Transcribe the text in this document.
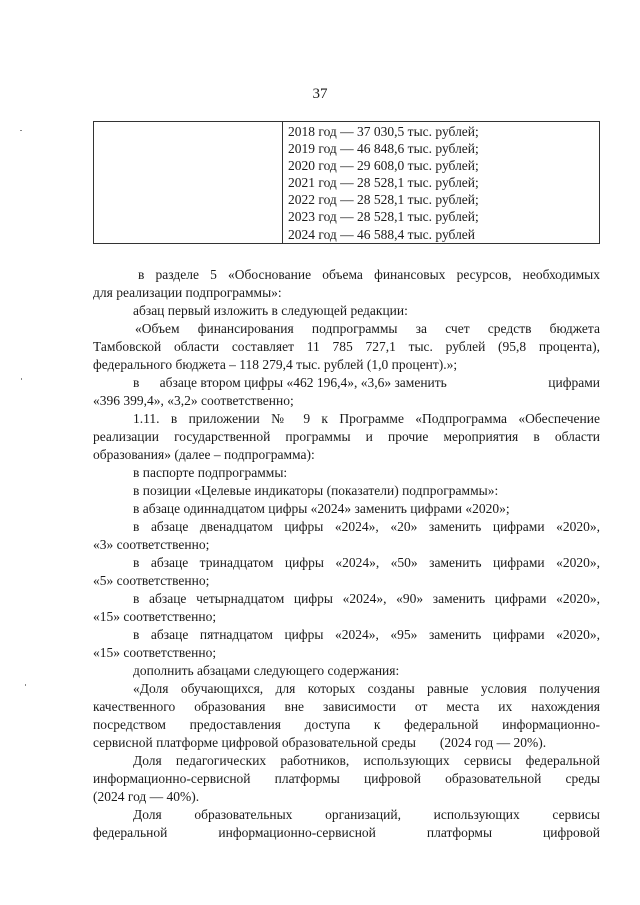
37

2018 год — 37 030,5 тыс. рублей;
2019 год — 46 848,6 тыс. рублей;
2020 год — 29 608,0 тыс. рублей;
2021 год — 28 528,1 тыс. рублей;
2022 год — 28 528,1 тыс. рублей;
2023 год — 28 528,1 тыс. рублей;
2024 год — 46 588,4 тыс. рублей
в разделе 5 «Обоснование объема финансовых ресурсов, необходимых
для реализации подпрограммы»:
абзац первый изложить в следующей редакции:
«Объем финансирования подпрограммы за счет средств бюджета
Тамбовской области составляет 11 785 727,1 тыс. рублей (95,8 процента),
федерального бюджета – 118 279,4 тыс. рублей (1,0 процент).»;
в      абзаце втором цифры «462 196,4», «3,6» заменить	цифрами
«396 399,4», «3,2» соответственно;
1.11. в приложении № 9 к Программе «Подпрограмма «Обеспечение
реализации государственной программы и прочие мероприятия в области
образования» (далее – подпрограмма):
в паспорте подпрограммы:
в позиции «Целевые индикаторы (показатели) подпрограммы»:
в абзаце одиннадцатом цифры «2024» заменить цифрами «2020»;
в абзаце двенадцатом цифры «2024», «20» заменить цифрами «2020»,
«3» соответственно;
в абзаце тринадцатом цифры «2024», «50» заменить цифрами «2020»,
«5» соответственно;
в абзаце четырнадцатом цифры «2024», «90» заменить цифрами «2020»,
«15» соответственно;
в абзаце пятнадцатом цифры «2024», «95» заменить цифрами «2020»,
«15» соответственно;
дополнить абзацами следующего содержания:
«Доля обучающихся, для которых созданы равные условия получения
качественного образования вне зависимости от места их нахождения
посредством предоставления доступа к федеральной информационно-
сервисной платформе цифровой образовательной среды (2024 год — 20%).
Доля педагогических работников, использующих сервисы федеральной
информационно-сервисной платформы цифровой образовательной среды
(2024 год — 40%).
Доля образовательных организаций, использующих сервисы
федеральной информационно-сервисной платформы цифровой
